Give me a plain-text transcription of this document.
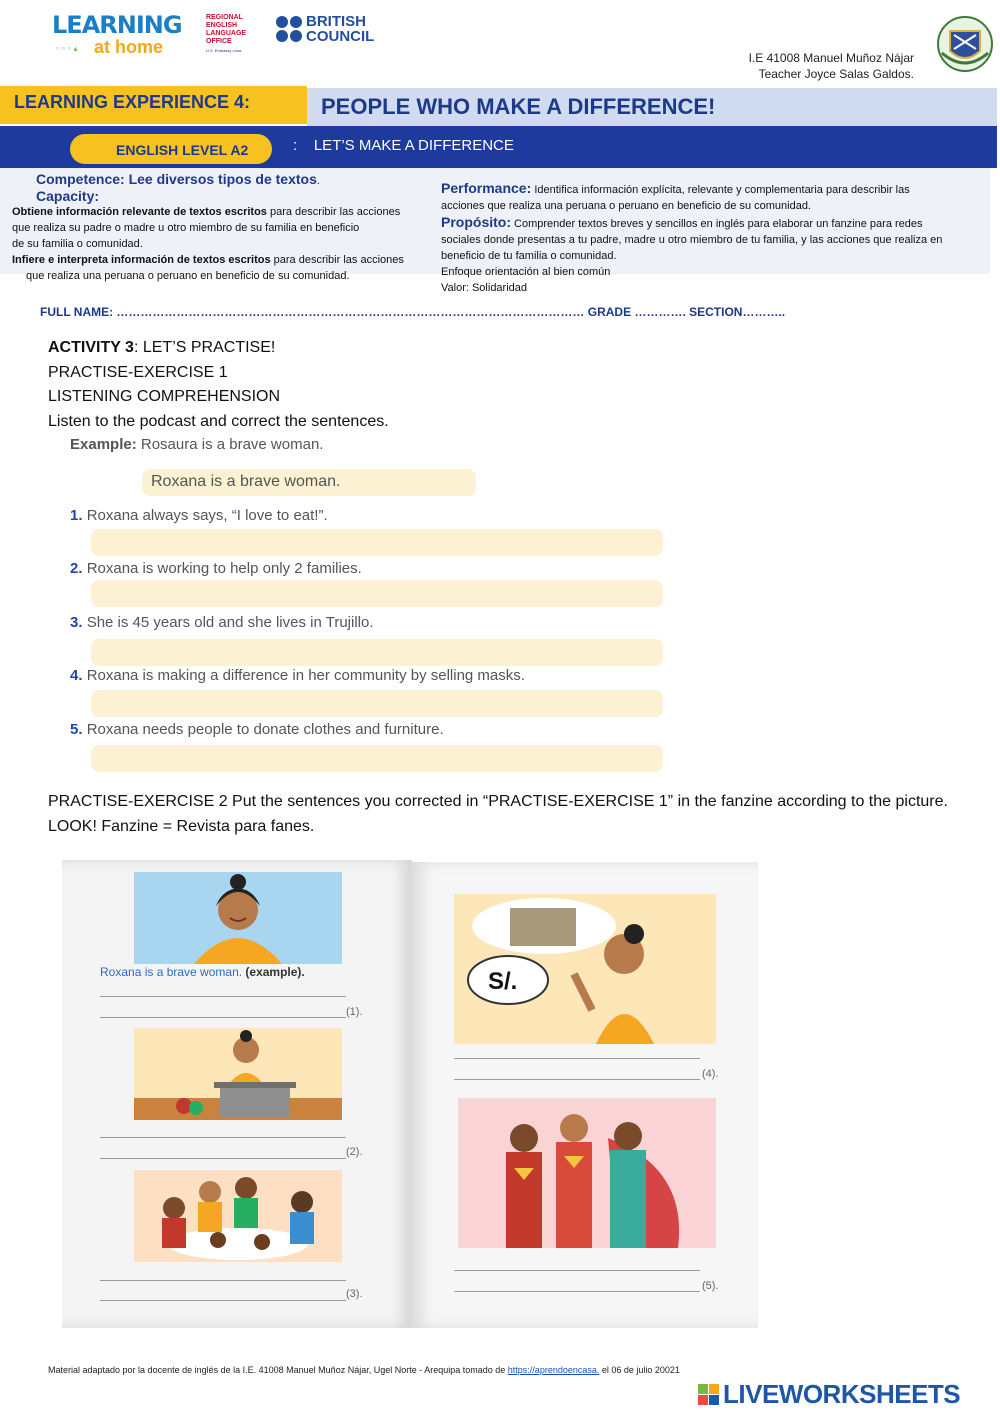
LEARNING
at home
▫▫▫▴
REGIONAL ENGLISH LANGUAGE OFFICE
U.S. Embassy Lima
BRITISH
COUNCIL
I.E 41008 Manuel Muñoz Nájar
Teacher Joyce Salas Galdos.
PEOPLE WHO MAKE A DIFFERENCE!
LEARNING EXPERIENCE 4:
ENGLISH LEVEL A2	: LET’S MAKE A DIFFERENCE
Competence: Lee diversos tipos de textos.
Capacity:
Obtiene información relevante de textos escritos para describir las acciones
que realiza su padre o madre u otro miembro de su familia en beneficio
de su familia o comunidad.
Infiere e interpreta información de textos escritos para describir las acciones
que realiza una peruana o peruano en beneficio de su comunidad.
Performance: Identifica información explícita, relevante y complementaria para describir las
acciones que realiza una peruana o peruano en beneficio de su comunidad.
Propósito: Comprender textos breves y sencillos en inglés para elaborar un fanzine para redes
sociales donde presentas a tu padre, madre u otro miembro de tu familia, y las acciones que realiza en
beneficio de tu familia o comunidad.
Enfoque orientación al bien común
Valor: Solidaridad
FULL NAME: ……………………………………………………………………………………………………… GRADE …………. SECTION………..
ACTIVITY 3: LET’S PRACTISE!
PRACTISE-EXERCISE 1
LISTENING COMPREHENSION
Listen to the podcast and correct the sentences.
Example: Rosaura is a brave woman.
Roxana is a brave woman.
1. Roxana always says, “I love to eat!”.
2. Roxana is working to help only 2 families.
3. She is 45 years old and she lives in Trujillo.
4. Roxana is making a difference in her community by selling masks.
5. Roxana needs people to donate clothes and furniture.
PRACTISE-EXERCISE 2 Put the sentences you corrected in “PRACTISE-EXERCISE 1” in the fanzine according to the picture.
LOOK! Fanzine = Revista para fanes.
Roxana is a brave woman. (example).
(1).
(2).
(3).
S/.
(4).
(5).
Material adaptado por la docente de inglés de la I.E. 41008 Manuel Muñoz Nájar, Ugel Norte - Arequipa tomado de https://aprendoencasa. el 06 de julio 20021
LIVEWORKSHEETS
